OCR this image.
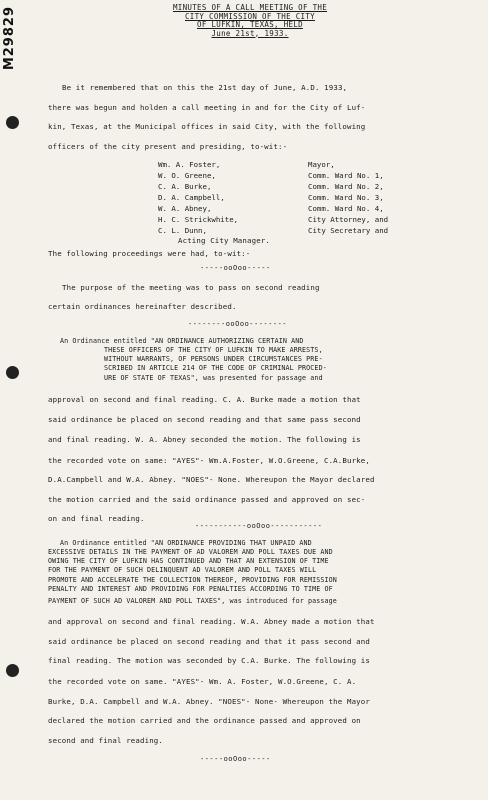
M29829	MINUTES OF A CALL MEETING OF THE
CITY COMMISSION OF THE CITY
OF LUFKIN, TEXAS, HELD
June 21st, 1933.
Be it remembered that on this the 21st day of June, A.D. 1933,
there was begun and holden a call meeting in and for the City of Luf-
kin, Texas, at the Municipal offices in said City, with the following
officers of the city present and presiding, to-wit:-
Wm. A. Foster,	Mayor,
W. O. Greene,	Comm. Ward No. 1,
C. A. Burke,	Comm. Ward No. 2,
D. A. Campbell,	Comm. Ward No. 3,
W. A. Abney,	Comm. Ward No. 4,
H. C. Strickwhite,	City Attorney, and
C. L. Dunn,	City Secretary and
Acting City Manager.
The following proceedings were had, to-wit:-
-----ooOoo-----
The purpose of the meeting was to pass on second reading
certain ordinances hereinafter described.
--------ooOoo--------
An Ordinance entitled "AN ORDINANCE AUTHORIZING CERTAIN AND
THESE OFFICERS OF THE CITY OF LUFKIN TO MAKE ARRESTS,
WITHOUT WARRANTS, OF PERSONS UNDER CIRCUMSTANCES PRE-
SCRIBED IN ARTICLE 214 OF THE CODE OF CRIMINAL PROCED-
URE OF STATE OF TEXAS", was presented for passage and
approval on second and final reading. C. A. Burke made a motion that
said ordinance be placed on second reading and that same pass second
and final reading. W. A. Abney seconded the motion. The following is
the recorded vote on same: "AYES"- Wm.A.Foster, W.O.Greene, C.A.Burke,
D.A.Campbell and W.A. Abney. "NOES"- None. Whereupon the Mayor declared
the motion carried and the said ordinance passed and approved on sec-
on and final reading.
-----------ooOoo-----------
An Ordinance entitled "AN ORDINANCE PROVIDING THAT UNPAID AND
EXCESSIVE DETAILS IN THE PAYMENT OF AD VALOREM AND POLL TAXES DUE AND
OWING THE CITY OF LUFKIN HAS CONTINUED AND THAT AN EXTENSION OF TIME
FOR THE PAYMENT OF SUCH DELINQUENT AD VALOREM AND POLL TAXES WILL
PROMOTE AND ACCELERATE THE COLLECTION THEREOF, PROVIDING FOR REMISSION
PENALTY AND INTEREST AND PROVIDING FOR PENALTIES ACCORDING TO TIME OF
PAYMENT OF SUCH AD VALOREM AND POLL TAXES", was introduced for passage
and approval on second and final reading. W.A. Abney made a motion that
said ordinance be placed on second reading and that it pass second and
final reading. The motion was seconded by C.A. Burke. The following is
the recorded vote on same. "AYES"- Wm. A. Foster, W.O.Greene, C. A.
Burke, D.A. Campbell and W.A. Abney. "NOES"- None- Whereupon the Mayor
declared the motion carried and the ordinance passed and approved on
second and final reading.
-----ooOoo-----
